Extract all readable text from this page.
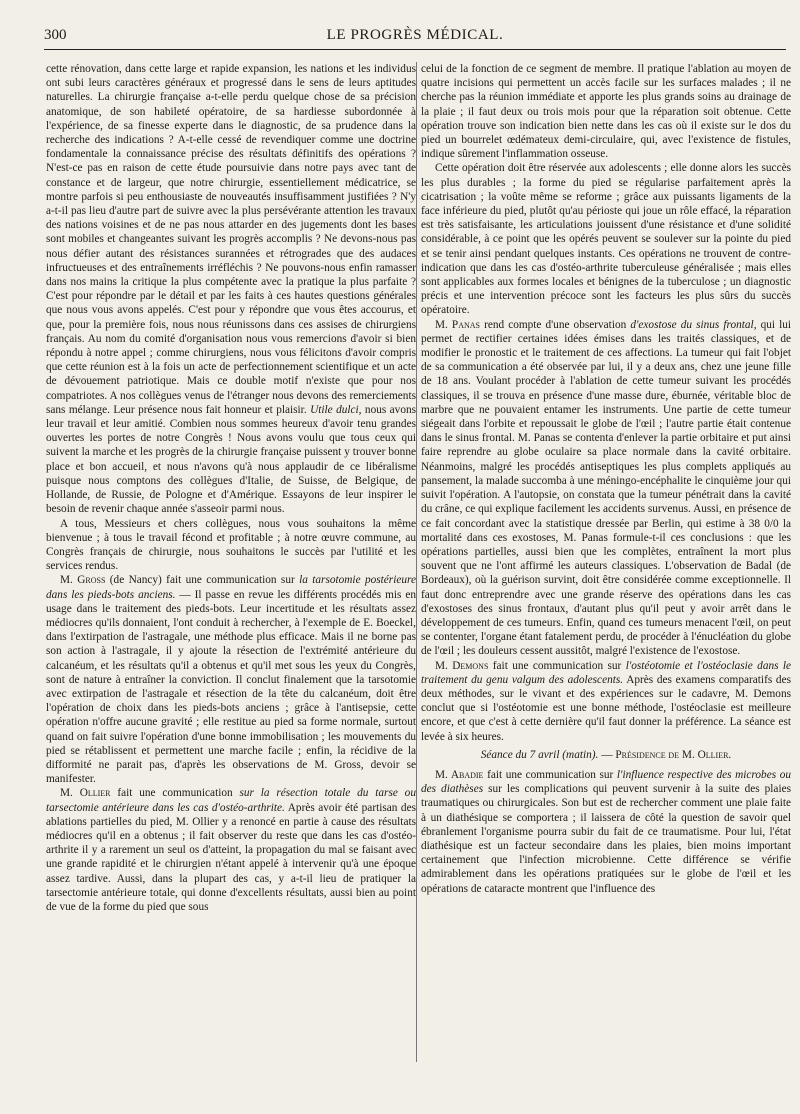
300	LE PROGRÈS MÉDICAL.

cette rénovation, dans cette large et rapide expansion, les nations et les individus ont subi leurs caractères généraux et progressé dans le sens de leurs aptitudes naturelles. La chirurgie française a-t-elle perdu quelque chose de sa précision anatomique, de son habileté opératoire, de sa hardiesse subordonnée à l'expérience, de sa finesse experte dans le diagnostic, de sa prudence dans la recherche des indications ? A-t-elle cessé de revendiquer comme une doctrine fondamentale la connaissance précise des résultats définitifs des opérations ? N'est-ce pas en raison de cette étude poursuivie dans notre pays avec tant de constance et de largeur, que notre chirurgie, essentiellement médicatrice, se montre parfois si peu enthousiaste de nouveautés insuffisamment justifiées ? N'y a-t-il pas lieu d'autre part de suivre avec la plus persévérante attention les travaux des nations voisines et de ne pas nous attarder en des jugements dont les bases sont mobiles et changeantes suivant les progrès accomplis ? Ne devons-nous pas nous défier autant des résistances surannées et rétrogrades que des audaces infructueuses et des entraînements irréfléchis ? Ne pouvons-nous enfin ramasser dans nos mains la critique la plus compétente avec la pratique la plus parfaite ? C'est pour répondre par le détail et par les faits à ces hautes questions générales que nous vous avons appelés. C'est pour y répondre que vous êtes accourus, et que, pour la première fois, nous nous réunissons dans ces assises de chirurgiens français. Au nom du comité d'organisation nous vous remercions d'avoir si bien répondu à notre appel ; comme chirurgiens, nous vous félicitons d'avoir compris que cette réunion est à la fois un acte de perfectionnement scientifique et un acte de dévouement patriotique. Mais ce double motif n'existe que pour nos compatriotes. A nos collègues venus de l'étranger nous devons des remerciements sans mélange. Leur présence nous fait honneur et plaisir. Utile dulci, nous avons leur travail et leur amitié. Combien nous sommes heureux d'avoir tenu grandes ouvertes les portes de notre Congrès ! Nous avons voulu que tous ceux qui suivent la marche et les progrès de la chirurgie française puissent y trouver bonne place et bon accueil, et nous n'avons qu'à nous applaudir de ce libéralisme puisque nous comptons des collègues d'Italie, de Suisse, de Belgique, de Hollande, de Russie, de Pologne et d'Amérique. Essayons de leur inspirer le besoin de revenir chaque année s'asseoir parmi nous.

A tous, Messieurs et chers collègues, nous vous souhaitons la même bienvenue ; à tous le travail fécond et profitable ; à notre œuvre commune, au Congrès français de chirurgie, nous souhaitons le succès par l'utilité et les services rendus.

M. Gross (de Nancy) fait une communication sur la tarsotomie postérieure dans les pieds-bots anciens. — Il passe en revue les différents procédés mis en usage dans le traitement des pieds-bots. Leur incertitude et les résultats assez médiocres qu'ils donnaient, l'ont conduit à rechercher, à l'exemple de E. Boeckel, dans l'extirpation de l'astragale, une méthode plus efficace. Mais il ne borne pas son action à l'astragale, il y ajoute la résection de l'extrémité antérieure du calcanéum, et les résultats qu'il a obtenus et qu'il met sous les yeux du Congrès, sont de nature à entraîner la conviction. Il conclut finalement que la tarsotomie avec extirpation de l'astragale et résection de la tête du calcanéum, doit être l'opération de choix dans les pieds-bots anciens ; grâce à l'antisepsie, cette opération n'offre aucune gravité ; elle restitue au pied sa forme normale, surtout quand on fait suivre l'opération d'une bonne immobilisation ; les mouvements du pied se rétablissent et permettent une marche facile ; enfin, la récidive de la difformité ne parait pas, d'après les observations de M. Gross, devoir se manifester.

M. Ollier fait une communication sur la résection totale du tarse ou tarsectomie antérieure dans les cas d'ostéo-arthrite. Après avoir été partisan des ablations partielles du pied, M. Ollier y a renoncé en partie à cause des résultats médiocres qu'il en a obtenus ; il fait observer du reste que dans les cas d'ostéo-arthrite il y a rarement un seul os d'atteint, la propagation du mal se faisant avec une grande rapidité et le chirurgien n'étant appelé à intervenir qu'à une époque assez tardive. Aussi, dans la plupart des cas, y a-t-il lieu de pratiquer la tarsectomie antérieure totale, qui donne d'excellents résultats, aussi bien au point de vue de la forme du pied que sous

celui de la fonction de ce segment de membre. Il pratique l'ablation au moyen de quatre incisions qui permettent un accès facile sur les surfaces malades ; il ne cherche pas la réunion immédiate et apporte les plus grands soins au drainage de la plaie ; il faut deux ou trois mois pour que la réparation soit obtenue. Cette opération trouve son indication bien nette dans les cas où il existe sur le dos du pied un bourrelet œdémateux demi-circulaire, qui, avec l'existence de fistules, indique sûrement l'inflammation osseuse.

Cette opération doit être réservée aux adolescents ; elle donne alors les succès les plus durables ; la forme du pied se régularise parfaitement après la cicatrisation ; la voûte même se reforme ; grâce aux puissants ligaments de la face inférieure du pied, plutôt qu'au périoste qui joue un rôle effacé, la réparation est très satisfaisante, les articulations jouissent d'une résistance et d'une solidité considérable, à ce point que les opérés peuvent se soulever sur la pointe du pied et se tenir ainsi pendant quelques instants. Ces opérations ne trouvent de contre-indication que dans les cas d'ostéo-arthrite tuberculeuse généralisée ; mais elles sont applicables aux formes locales et bénignes de la tuberculose ; un diagnostic précis et une intervention précoce sont les facteurs les plus sûrs du succès opératoire.

M. Panas rend compte d'une observation d'exostose du sinus frontal, qui lui permet de rectifier certaines idées émises dans les traités classiques, et de modifier le pronostic et le traitement de ces affections. La tumeur qui fait l'objet de sa communication a été observée par lui, il y a deux ans, chez une jeune fille de 18 ans. Voulant procéder à l'ablation de cette tumeur suivant les procédés classiques, il se trouva en présence d'une masse dure, éburnée, véritable bloc de marbre que ne pouvaient entamer les instruments. Une partie de cette tumeur siégeait dans l'orbite et repoussait le globe de l'œil ; l'autre partie était contenue dans le sinus frontal. M. Panas se contenta d'enlever la partie orbitaire et put ainsi faire reprendre au globe oculaire sa place normale dans la cavité orbitaire. Néanmoins, malgré les procédés antiseptiques les plus complets appliqués au pansement, la malade succomba à une méningo-encéphalite le cinquième jour qui suivit l'opération. A l'autopsie, on constata que la tumeur pénétrait dans la cavité du crâne, ce qui explique facilement les accidents survenus. Aussi, en présence de ce fait concordant avec la statistique dressée par Berlin, qui estime à 38 0/0 la mortalité dans ces exostoses, M. Panas formule-t-il ces conclusions : que les opérations partielles, aussi bien que les complètes, entraînent la mort plus souvent que ne l'ont affirmé les auteurs classiques. L'observation de Badal (de Bordeaux), où la guérison survint, doit être considérée comme exceptionnelle. Il faut donc entreprendre avec une grande réserve des opérations dans les cas d'exostoses des sinus frontaux, d'autant plus qu'il peut y avoir arrêt dans le développement de ces tumeurs. Enfin, quand ces tumeurs menacent l'œil, on peut se contenter, l'organe étant fatalement perdu, de procéder à l'énucléation du globe de l'œil ; les douleurs cessent aussitôt, malgré l'existence de l'exostose.

M. Demons fait une communication sur l'ostéotomie et l'ostéoclasie dans le traitement du genu valgum des adolescents. Après des examens comparatifs des deux méthodes, sur le vivant et des expériences sur le cadavre, M. Demons conclut que si l'ostéotomie est une bonne méthode, l'ostéoclasie est meilleure encore, et que c'est à cette dernière qu'il faut donner la préférence. La séance est levée à six heures.

Séance du 7 avril (matin). — Présidence de M. Ollier.

M. Abadie fait une communication sur l'influence respective des microbes ou des diathèses sur les complications qui peuvent survenir à la suite des plaies traumatiques ou chirurgicales. Son but est de rechercher comment une plaie faite à un diathésique se comportera ; il laissera de côté la question de savoir quel ébranlement l'organisme pourra subir du fait de ce traumatisme. Pour lui, l'état diathésique est un facteur secondaire dans les plaies, bien moins important certainement que l'infection microbienne. Cette différence se vérifie admirablement dans les opérations pratiquées sur le globe de l'œil et les opérations de cataracte montrent que l'influence des
